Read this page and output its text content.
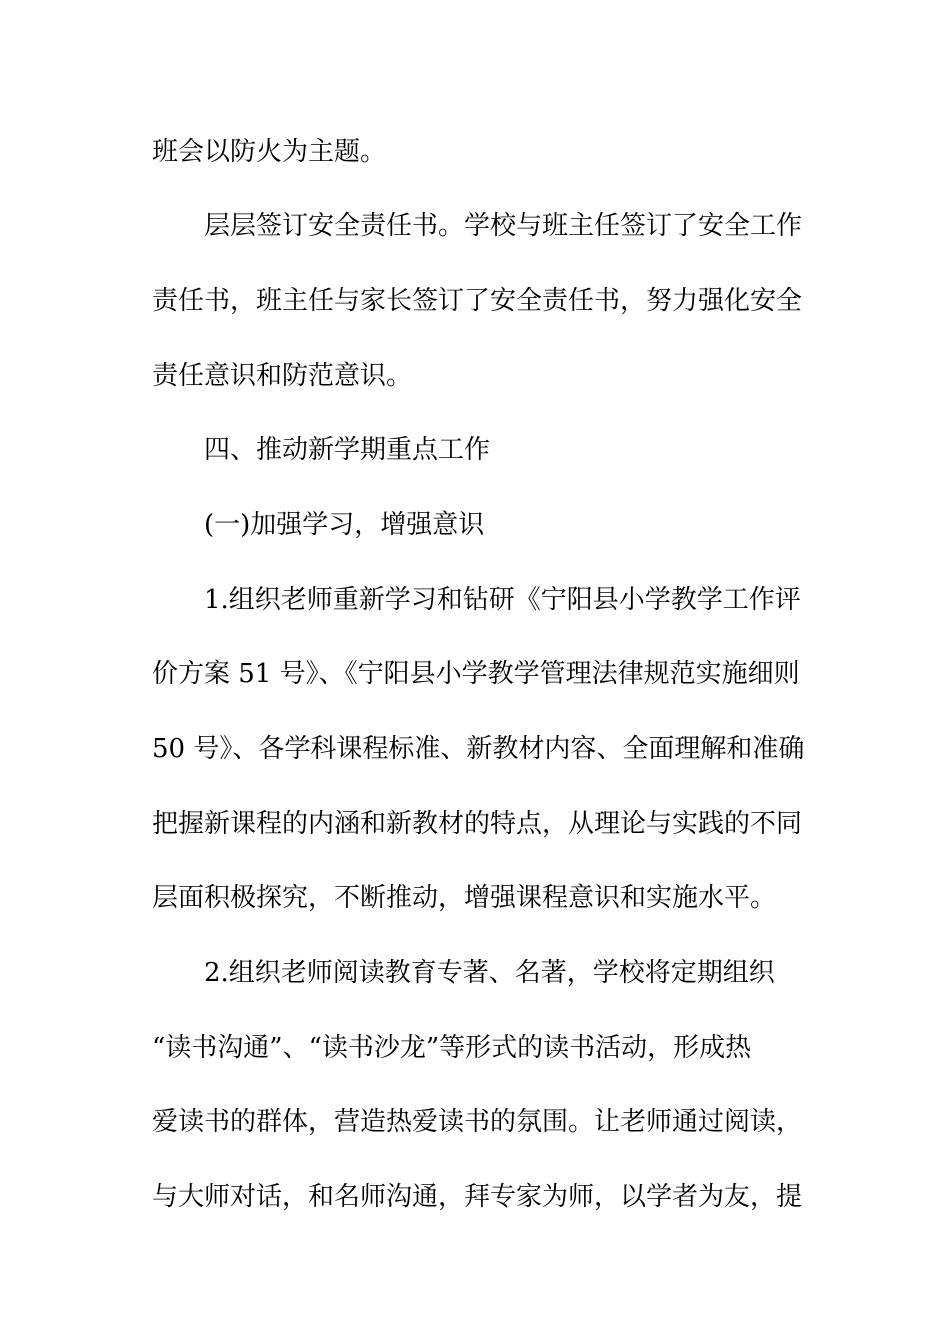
班会以防火为主题。
层层签订安全责任书。学校与班主任签订了安全工作
责任书，班主任与家长签订了安全责任书，努力强化安全
责任意识和防范意识。
四、推动新学期重点工作
(一)加强学习，增强意识
1.组织老师重新学习和钻研《宁阳县小学教学工作评
价方案 51 号》、《宁阳县小学教学管理法律规范实施细则
50 号》、各学科课程标准、新教材内容、全面理解和准确
把握新课程的内涵和新教材的特点，从理论与实践的不同
层面积极探究，不断推动，增强课程意识和实施水平。
2.组织老师阅读教育专著、名著，学校将定期组织
“读书沟通”、“读书沙龙”等形式的读书活动，形成热
爱读书的群体，营造热爱读书的氛围。让老师通过阅读，
与大师对话，和名师沟通，拜专家为师，以学者为友，提
